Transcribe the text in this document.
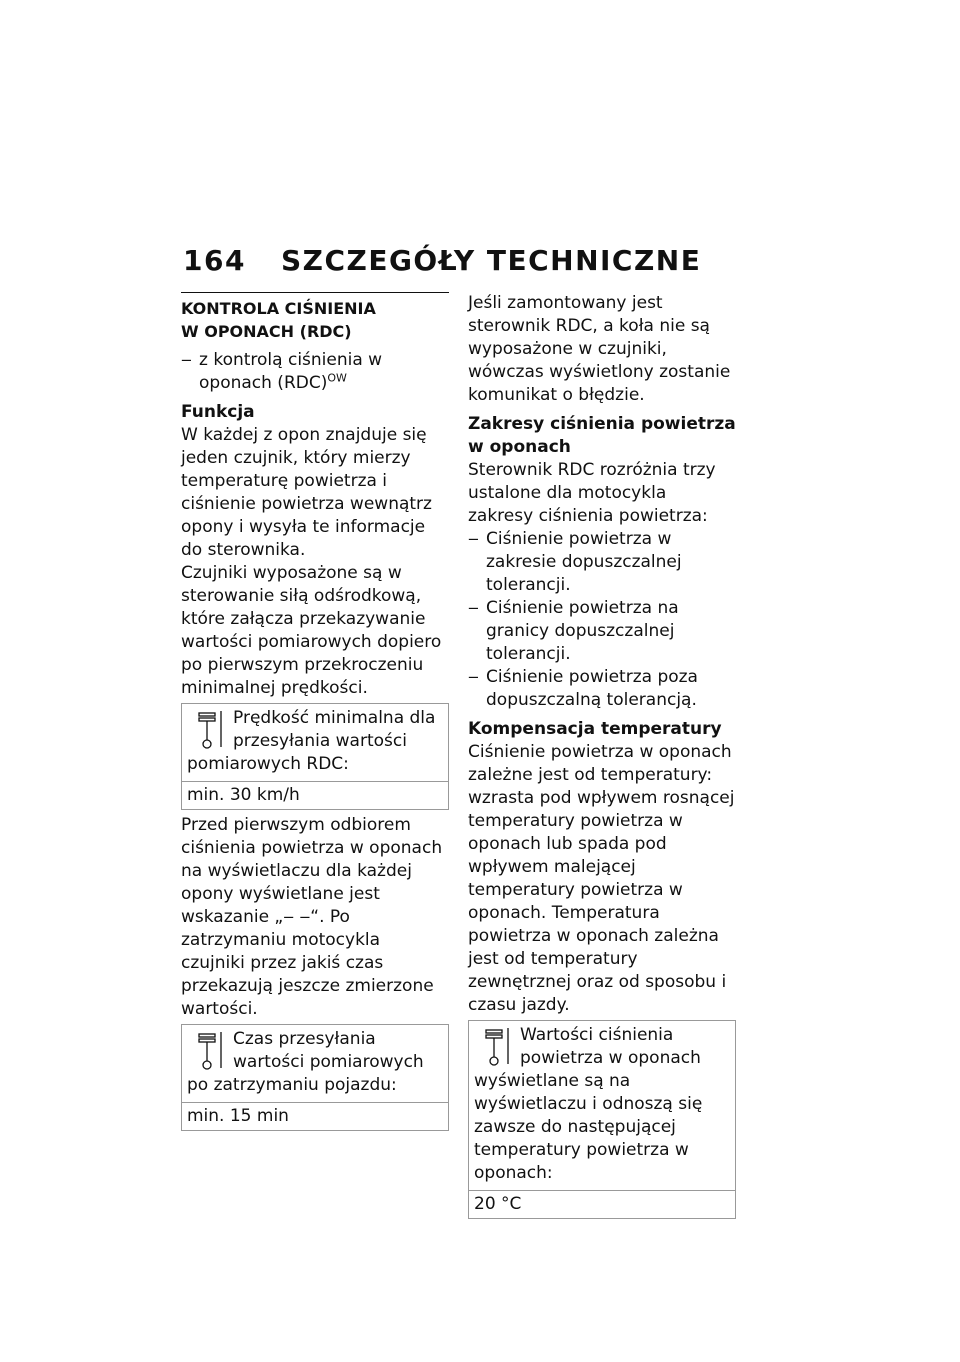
164 SZCZEGÓŁY TECHNICZNE
KONTROLA CIŚNIENIA
W OPONACH (RDC)

‒ z kontrolą ciśnienia w oponach (RDC)$^{OW}$

Funkcja

W każdej z opon znajduje się jeden czujnik, który mierzy temperaturę powietrza i ciśnienie powietrza wewnątrz opony i wysyła te informacje do sterownika.

Czujniki wyposażone są w sterowanie siłą odśrodkową, które załącza przekazywanie wartości pomiarowych dopiero po pierwszym przekroczeniu minimalnej prędkości.

Prędkość minimalna dla przesyłania wartości pomiarowych RDC:
min. 30 km/h

Przed pierwszym odbiorem ciśnienia powietrza w oponach na wyświetlaczu dla każdej opony wyświetlane jest wskazanie „‒ ‒“. Po zatrzymaniu motocykla czujniki przez jakiś czas przekazują jeszcze zmierzone wartości.

Czas przesyłania wartości pomiarowych po zatrzymaniu pojazdu:
min. 15 min

Jeśli zamontowany jest sterownik RDC, a koła nie są wyposażone w czujniki, wówczas wyświetlony zostanie komunikat o błędzie.

Zakresy ciśnienia powietrza w oponach

Sterownik RDC rozróżnia trzy ustalone dla motocykla zakresy ciśnienia powietrza:

‒ Ciśnienie powietrza w zakresie dopuszczalnej tolerancji.

‒ Ciśnienie powietrza na granicy dopuszczalnej tolerancji.

‒ Ciśnienie powietrza poza dopuszczalną tolerancją.

Kompensacja temperatury

Ciśnienie powietrza w oponach zależne jest od temperatury: wzrasta pod wpływem rosnącej temperatury powietrza w oponach lub spada pod wpływem malejącej temperatury powietrza w oponach. Temperatura powietrza w oponach zależna jest od temperatury zewnętrznej oraz od sposobu i czasu jazdy.

Wartości ciśnienia powietrza w oponach wyświetlane są na wyświetlaczu i odnoszą się zawsze do następującej temperatury powietrza w oponach:
20 °C
